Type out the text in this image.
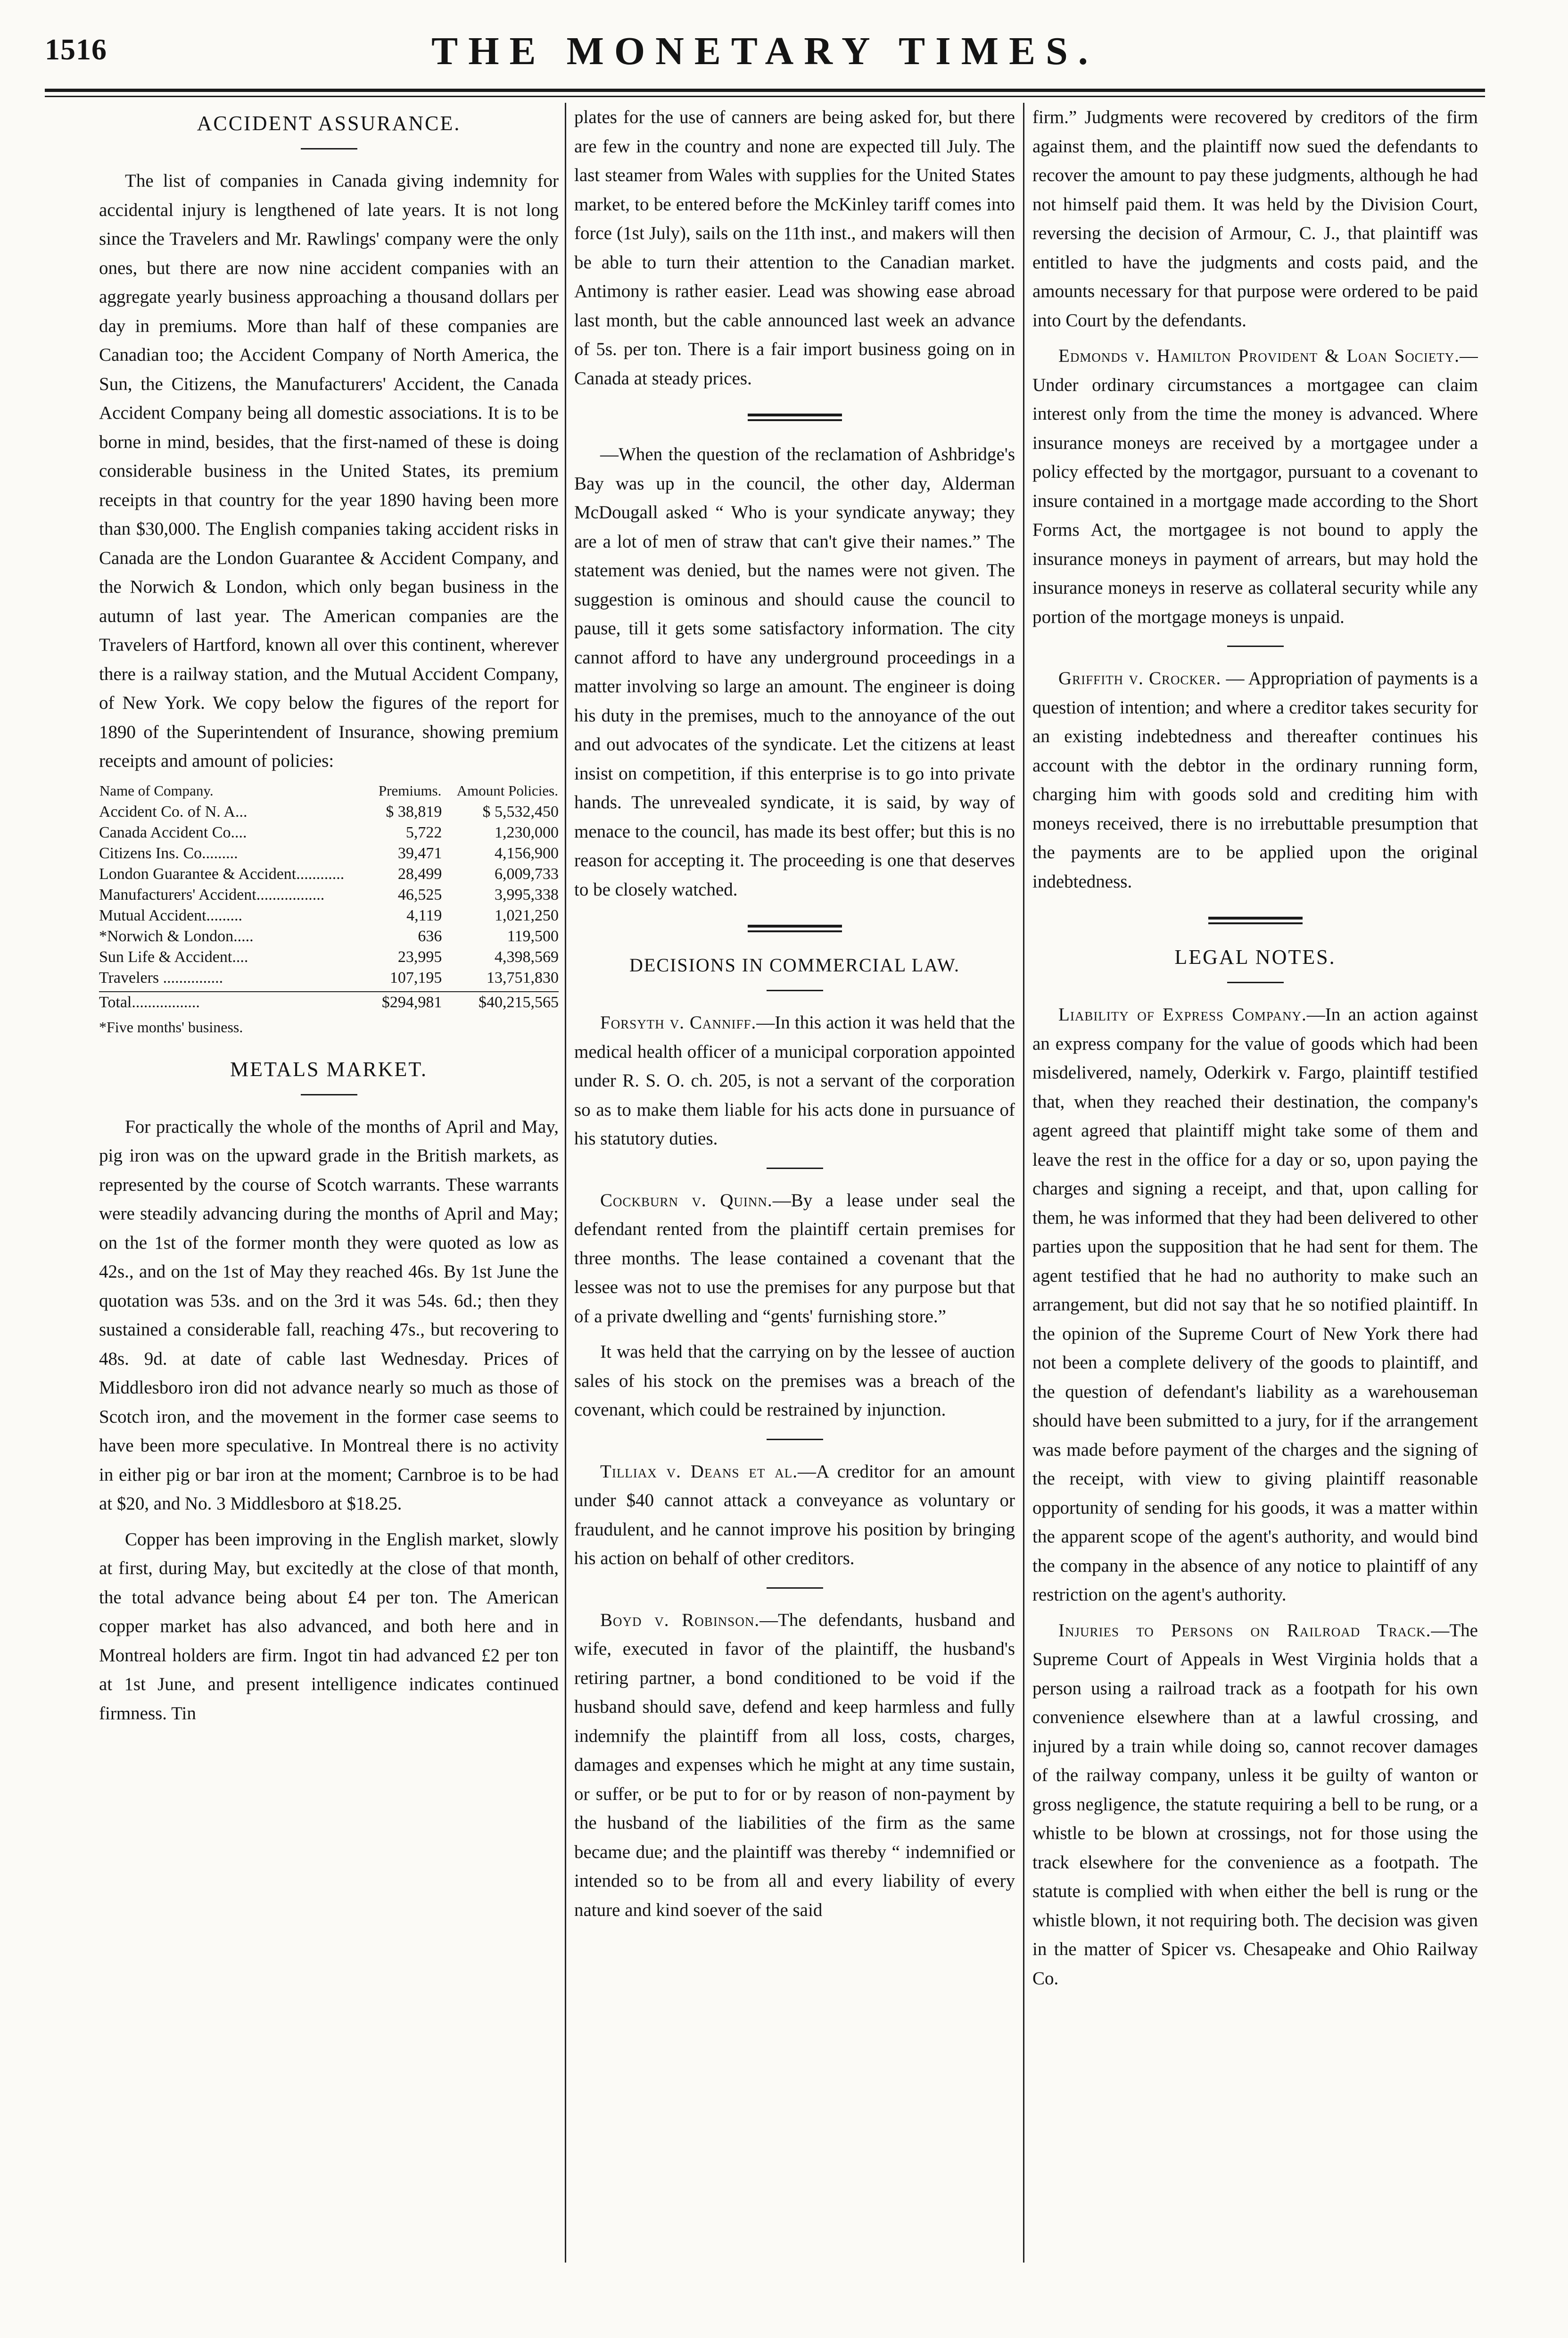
1516	THE MONETARY TIMES.
ACCIDENT ASSURANCE.

The list of companies in Canada giving indemnity for accidental injury is lengthened of late years. It is not long since the Travelers and Mr. Rawlings' company were the only ones, but there are now nine accident companies with an aggregate yearly business approaching a thousand dollars per day in premiums. More than half of these companies are Canadian too; the Accident Company of North America, the Sun, the Citizens, the Manufacturers' Accident, the Canada Accident Company being all domestic associations. It is to be borne in mind, besides, that the first-named of these is doing considerable business in the United States, its premium receipts in that country for the year 1890 having been more than $30,000. The English companies taking accident risks in Canada are the London Guarantee & Accident Company, and the Norwich & London, which only began business in the autumn of last year. The American companies are the Travelers of Hartford, known all over this continent, wherever there is a railway station, and the Mutual Accident Company, of New York. We copy below the figures of the report for 1890 of the Superintendent of Insurance, showing premium receipts and amount of policies:

Name of Company.	Premiums.	Amount Policies.
Accident Co. of N. A...	$ 38,819	$ 5,532,450
Canada Accident Co....	5,722	1,230,000
Citizens Ins. Co.........	39,471	4,156,900
London Guarantee & Accident............	28,499	6,009,733
Manufacturers' Accident.................	46,525	3,995,338
Mutual Accident.........	4,119	1,021,250
*Norwich & London.....	636	119,500
Sun Life & Accident....	23,995	4,398,569
Travelers ...............	107,195	13,751,830

Total.................	$294,981	$40,215,565
*Five months' business.
METALS MARKET.

For practically the whole of the months of April and May, pig iron was on the upward grade in the British markets, as represented by the course of Scotch warrants. These warrants were steadily advancing during the months of April and May; on the 1st of the former month they were quoted as low as 42s., and on the 1st of May they reached 46s. By 1st June the quotation was 53s. and on the 3rd it was 54s. 6d.; then they sustained a considerable fall, reaching 47s., but recovering to 48s. 9d. at date of cable last Wednesday. Prices of Middlesboro iron did not advance nearly so much as those of Scotch iron, and the movement in the former case seems to have been more speculative. In Montreal there is no activity in either pig or bar iron at the moment; Carnbroe is to be had at $20, and No. 3 Middlesboro at $18.25.

Copper has been improving in the English market, slowly at first, during May, but excitedly at the close of that month, the total advance being about £4 per ton. The American copper market has also advanced, and both here and in Montreal holders are firm. Ingot tin had advanced £2 per ton at 1st June, and present intelligence indicates continued firmness. Tin

plates for the use of canners are being asked for, but there are few in the country and none are expected till July. The last steamer from Wales with supplies for the United States market, to be entered before the McKinley tariff comes into force (1st July), sails on the 11th inst., and makers will then be able to turn their attention to the Canadian market. Antimony is rather easier. Lead was showing ease abroad last month, but the cable announced last week an advance of 5s. per ton. There is a fair import business going on in Canada at steady prices.

—When the question of the reclamation of Ashbridge's Bay was up in the council, the other day, Alderman McDougall asked “ Who is your syndicate anyway; they are a lot of men of straw that can't give their names.” The statement was denied, but the names were not given. The suggestion is ominous and should cause the council to pause, till it gets some satisfactory information. The city cannot afford to have any underground proceedings in a matter involving so large an amount. The engineer is doing his duty in the premises, much to the annoyance of the out and out advocates of the syndicate. Let the citizens at least insist on competition, if this enterprise is to go into private hands. The unrevealed syndicate, it is said, by way of menace to the council, has made its best offer; but this is no reason for accepting it. The proceeding is one that deserves to be closely watched.

DECISIONS IN COMMERCIAL LAW.

Forsyth v. Canniff.—In this action it was held that the medical health officer of a municipal corporation appointed under R. S. O. ch. 205, is not a servant of the corporation so as to make them liable for his acts done in pursuance of his statutory duties.

Cockburn v. Quinn.—By a lease under seal the defendant rented from the plaintiff certain premises for three months. The lease contained a covenant that the lessee was not to use the premises for any purpose but that of a private dwelling and “gents' furnishing store.”

It was held that the carrying on by the lessee of auction sales of his stock on the premises was a breach of the covenant, which could be restrained by injunction.

Tilliax v. Deans et al.—A creditor for an amount under $40 cannot attack a conveyance as voluntary or fraudulent, and he cannot improve his position by bringing his action on behalf of other creditors.

Boyd v. Robinson.—The defendants, husband and wife, executed in favor of the plaintiff, the husband's retiring partner, a bond conditioned to be void if the husband should save, defend and keep harmless and fully indemnify the plaintiff from all loss, costs, charges, damages and expenses which he might at any time sustain, or suffer, or be put to for or by reason of non-payment by the husband of the liabilities of the firm as the same became due; and the plaintiff was thereby “ indemnified or intended so to be from all and every liability of every nature and kind soever of the said

firm.” Judgments were recovered by creditors of the firm against them, and the plaintiff now sued the defendants to recover the amount to pay these judgments, although he had not himself paid them. It was held by the Division Court, reversing the decision of Armour, C. J., that plaintiff was entitled to have the judgments and costs paid, and the amounts necessary for that purpose were ordered to be paid into Court by the defendants.

Edmonds v. Hamilton Provident & Loan Society.—Under ordinary circumstances a mortgagee can claim interest only from the time the money is advanced. Where insurance moneys are received by a mortgagee under a policy effected by the mortgagor, pursuant to a covenant to insure contained in a mortgage made according to the Short Forms Act, the mortgagee is not bound to apply the insurance moneys in payment of arrears, but may hold the insurance moneys in reserve as collateral security while any portion of the mortgage moneys is unpaid.

Griffith v. Crocker. — Appropriation of payments is a question of intention; and where a creditor takes security for an existing indebtedness and thereafter continues his account with the debtor in the ordinary running form, charging him with goods sold and crediting him with moneys received, there is no irrebuttable presumption that the payments are to be applied upon the original indebtedness.

LEGAL NOTES.

Liability of Express Company.—In an action against an express company for the value of goods which had been misdelivered, namely, Oderkirk v. Fargo, plaintiff testified that, when they reached their destination, the company's agent agreed that plaintiff might take some of them and leave the rest in the office for a day or so, upon paying the charges and signing a receipt, and that, upon calling for them, he was informed that they had been delivered to other parties upon the supposition that he had sent for them. The agent testified that he had no authority to make such an arrangement, but did not say that he so notified plaintiff. In the opinion of the Supreme Court of New York there had not been a complete delivery of the goods to plaintiff, and the question of defendant's liability as a warehouseman should have been submitted to a jury, for if the arrangement was made before payment of the charges and the signing of the receipt, with view to giving plaintiff reasonable opportunity of sending for his goods, it was a matter within the apparent scope of the agent's authority, and would bind the company in the absence of any notice to plaintiff of any restriction on the agent's authority.

Injuries to Persons on Railroad Track.—The Supreme Court of Appeals in West Virginia holds that a person using a railroad track as a footpath for his own convenience elsewhere than at a lawful crossing, and injured by a train while doing so, cannot recover damages of the railway company, unless it be guilty of wanton or gross negligence, the statute requiring a bell to be rung, or a whistle to be blown at crossings, not for those using the track elsewhere for the convenience as a footpath. The statute is complied with when either the bell is rung or the whistle blown, it not requiring both. The decision was given in the matter of Spicer vs. Chesapeake and Ohio Railway Co.
